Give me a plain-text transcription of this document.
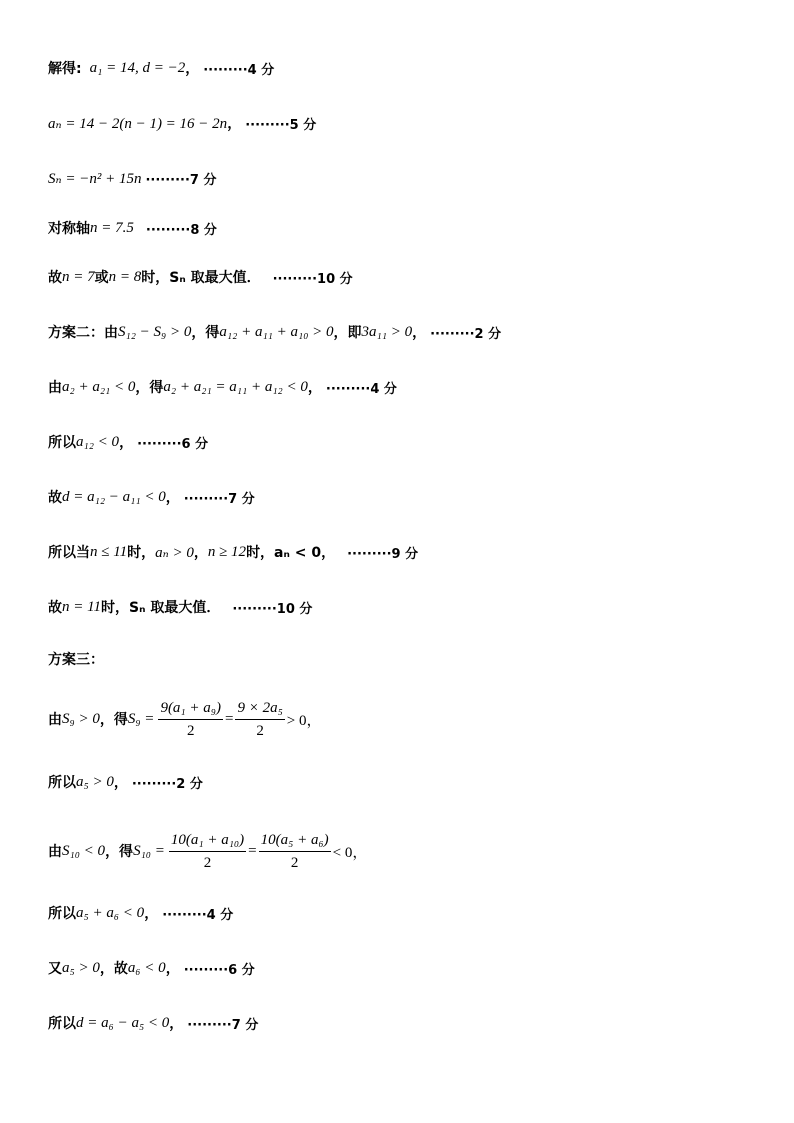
解得: a₁ = 14, d = −2 ， ·········4 分
aₙ = 14 − 2(n − 1) = 16 − 2n ， ·········5 分
Sₙ = −n² + 15n ·········7 分
对称轴 n = 7.5 ·········8 分
故 n = 7 或 n = 8 时，Sₙ 取最大值． ·········10 分
方案二：由 S₁₂ − S₉ > 0 ，得 a₁₂ + a₁₁ + a₁₀ > 0 ，即 3a₁₁ > 0 ， ·········2 分
由 a₂ + a₂₁ < 0 ，得 a₂ + a₂₁ = a₁₁ + a₁₂ < 0 ， ·········4 分
所以 a₁₂ < 0 ， ·········6 分
故 d = a₁₂ − a₁₁ < 0 ， ·········7 分
所以当 n ≤ 11 时， aₙ > 0 ， n ≥ 12 时，aₙ < 0， ·········9 分
故 n = 11 时，Sₙ 取最大值． ·········10 分
方案三：
由 S₉ > 0 ，得 $S_9 = \frac{\text{9(a₁ + a₉)}}{2} = \frac{\text{9 × 2a₅}}{2} > 0$，
所以 a₅ > 0 ， ·········2 分
由 S₁₀ < 0 ，得 $S_{10} = \frac{\text{10(a₁ + a₁₀)}}{2} = \frac{\text{10(a₅ + a₆)}}{2} < 0$，
所以 a₅ + a₆ < 0 ， ·········4 分
又 a₅ > 0 ，故 a₆ < 0 ， ·········6 分
所以 d = a₆ − a₅ < 0 ， ·········7 分
